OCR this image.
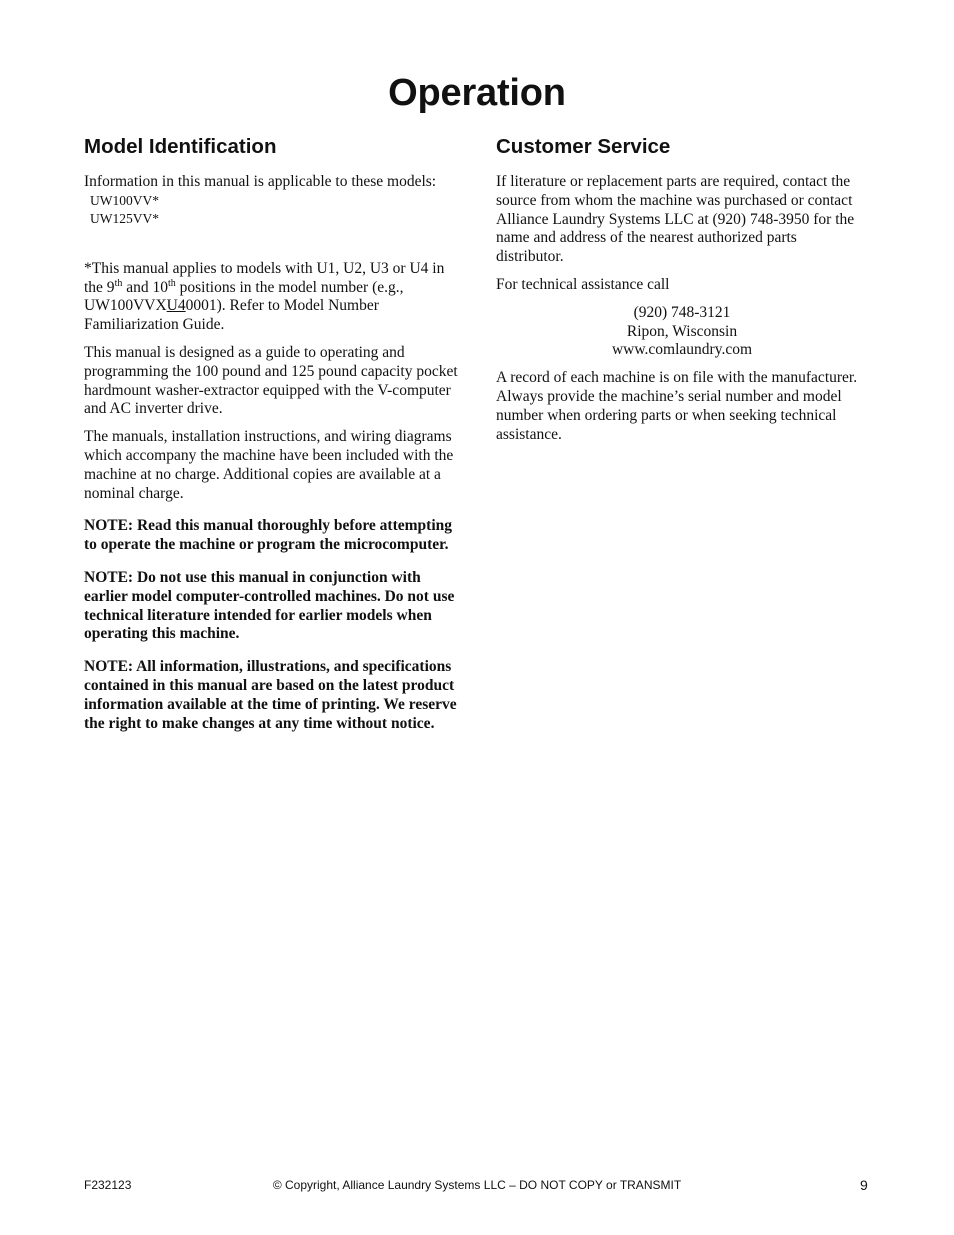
Operation
Model Identification

Information in this manual is applicable to these models:

UW100VV*
UW125VV*

*This manual applies to models with U1, U2, U3 or U4 in the 9th and 10th positions in the model number (e.g., UW100VVXU40001). Refer to Model Number Familiarization Guide.

This manual is designed as a guide to operating and programming the 100 pound and 125 pound capacity pocket hardmount washer-extractor equipped with the V-computer and AC inverter drive.

The manuals, installation instructions, and wiring diagrams which accompany the machine have been included with the machine at no charge. Additional copies are available at a nominal charge.

NOTE: Read this manual thoroughly before attempting to operate the machine or program the microcomputer.

NOTE: Do not use this manual in conjunction with earlier model computer-controlled machines. Do not use technical literature intended for earlier models when operating this machine.

NOTE: All information, illustrations, and specifications contained in this manual are based on the latest product information available at the time of printing. We reserve the right to make changes at any time without notice.

Customer Service

If literature or replacement parts are required, contact the source from whom the machine was purchased or contact Alliance Laundry Systems LLC at (920) 748-3950 for the name and address of the nearest authorized parts distributor.

For technical assistance call

(920) 748-3121

Ripon, Wisconsin

www.comlaundry.com

A record of each machine is on file with the manufacturer. Always provide the machine’s serial number and model number when ordering parts or when seeking technical assistance.

F232123	© Copyright, Alliance Laundry Systems LLC – DO NOT COPY or TRANSMIT	9
